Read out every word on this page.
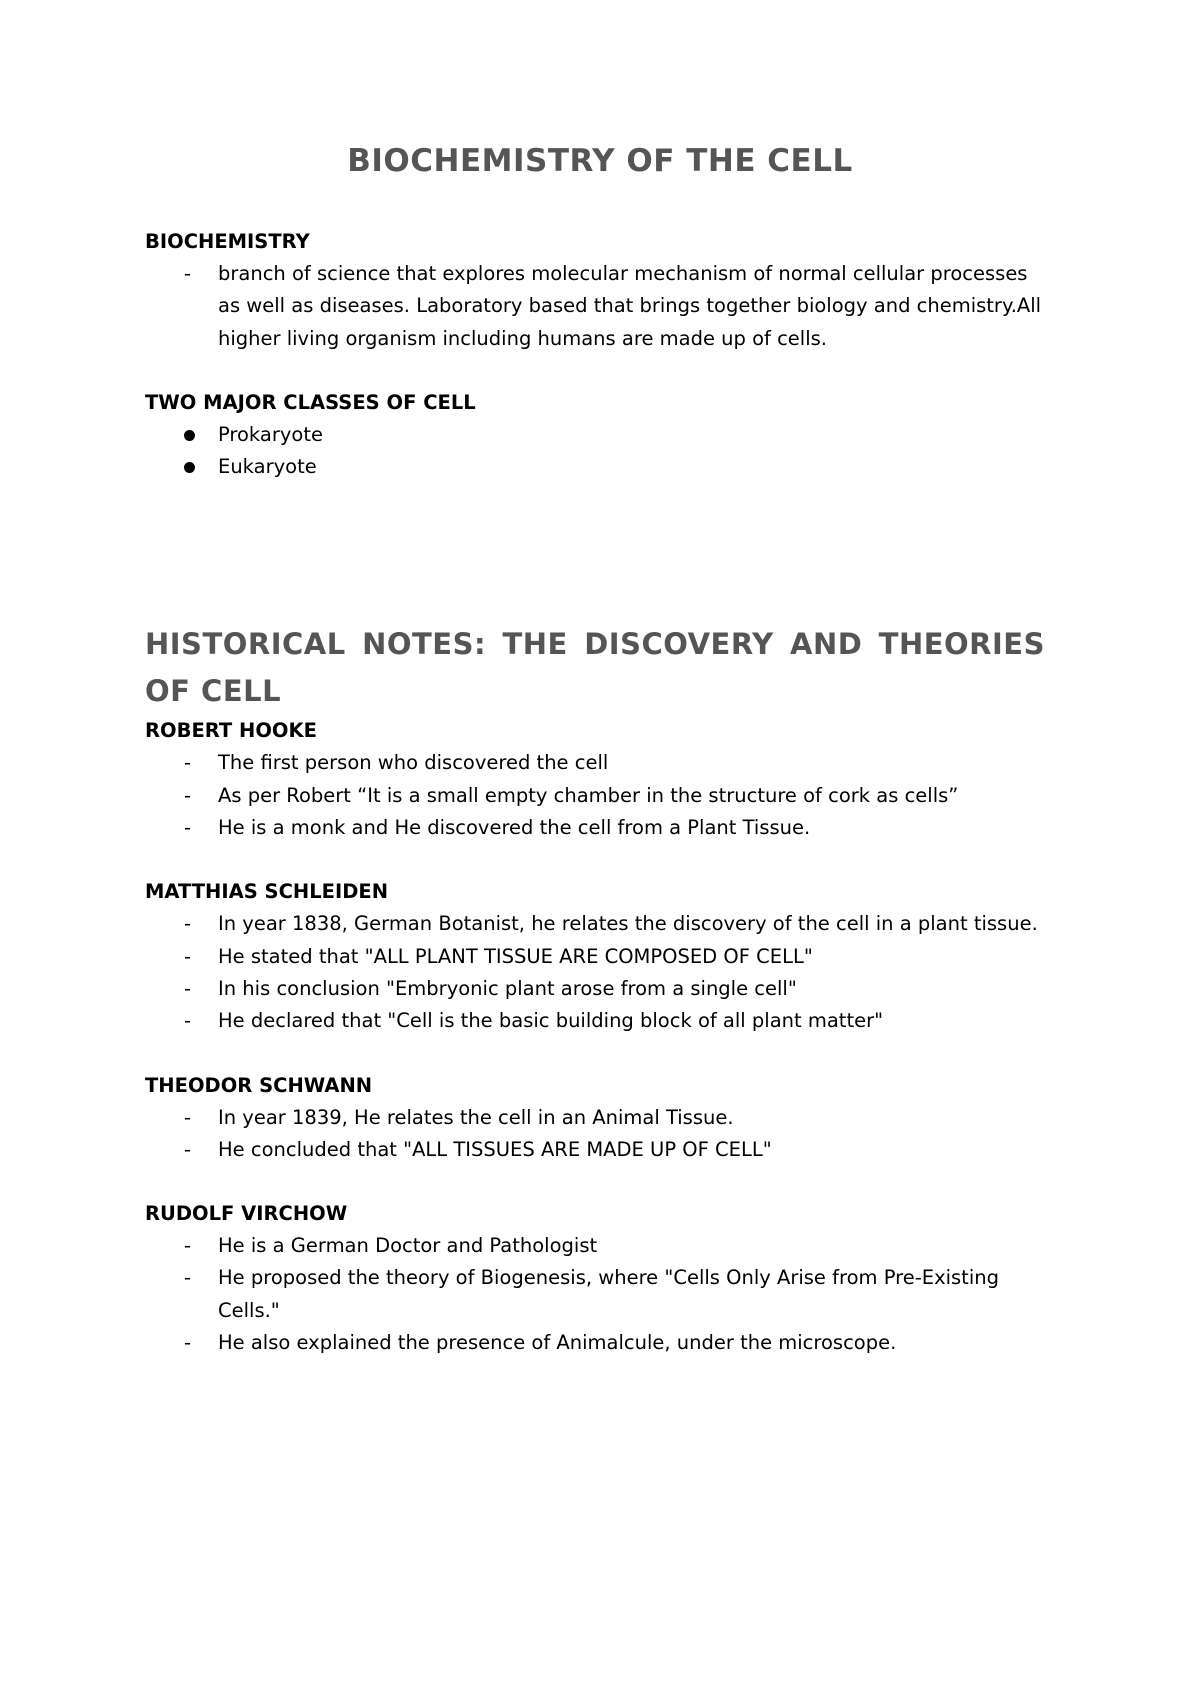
BIOCHEMISTRY OF THE CELL
BIOCHEMISTRY
- branch of science that explores molecular mechanism of normal cellular processes as well as diseases. Laboratory based that brings together biology and chemistry.All higher living organism including humans are made up of cells.
TWO MAJOR CLASSES OF CELL
Prokaryote
Eukaryote
HISTORICAL NOTES: THE DISCOVERY AND THEORIES OF CELL
ROBERT HOOKE
- The first person who discovered the cell
- As per Robert “It is a small empty chamber in the structure of cork as cells”
- He is a monk and He discovered the cell from a Plant Tissue.
MATTHIAS SCHLEIDEN
- In year 1838, German Botanist, he relates the discovery of the cell in a plant tissue.
- He stated that "ALL PLANT TISSUE ARE COMPOSED OF CELL"
- In his conclusion "Embryonic plant arose from a single cell"
- He declared that "Cell is the basic building block of all plant matter"
THEODOR SCHWANN
- In year 1839, He relates the cell in an Animal Tissue.
- He concluded that "ALL TISSUES ARE MADE UP OF CELL"
RUDOLF VIRCHOW
- He is a German Doctor and Pathologist
- He proposed the theory of Biogenesis, where "Cells Only Arise from Pre-Existing Cells."
- He also explained the presence of Animalcule, under the microscope.
